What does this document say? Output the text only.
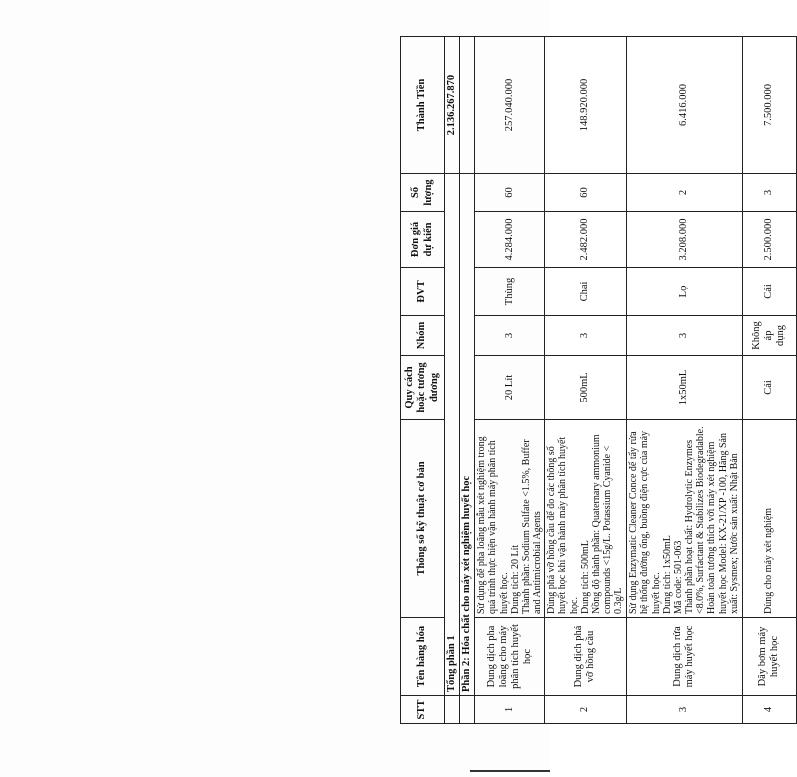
STT	Tên hàng hóa	Thông số kỹ thuật cơ bản	Quy cách hoặc tương đương	Nhóm	ĐVT	Đơn giá dự kiến	Số lượng	Thành Tiền
	Tổng phần 1							2.136.267.870
	Phần 2: Hóa chất cho máy xét nghiệm huyết học							
1	Dung dịch pha loãng cho máy phân tích huyết học	Sử dụng để pha loãng mẫu xét nghiệm trong quá trình thực hiện vận hành máy phân tích huyết học. Dung tích: 20 Lít Thành phần: Sodium Sulfate <1.5%, Buffer and Antimicrobial Agents	20 Lít	3	Thùng	4.284.000	60	257.040.000
2	Dung dịch phá vỡ hồng cầu	Dùng phá vỡ hồng cầu để đo các thông số huyết học khi vận hành máy phân tích huyết học. Dung tích: 500mL Nồng độ thành phần: Quaternary ammonium compounds <15g/L. Potassium Cyanide < 0.3g/L	500mL	3	Chai	2.482.000	60	148.920.000
3	Dung dịch rửa máy huyết học	Sử dụng Enzymatic Cleaner Conce để tẩy rửa hệ thống đường ống, buồng điện cực của máy huyết học. Dung tích: 1x50mL Mã code: 501-063 Thành phần hoạt chất: Hydrolytic Enzymes <8.0%, Surfactant & Stabilizes Biodegradable. Hoàn toàn tương thích với máy xét nghiệm huyết học Model: KX-21/XP -100, Hãng Sản xuất: Sysmex; Nước sản xuất: Nhật Bản	1x50mL	3	Lọ	3.208.000	2	6.416.000
4	Dây bơm máy huyết học	Dùng cho máy xét nghiệm	Cái	Không áp dụng	Cái	2.500.000	3	7.500.000
